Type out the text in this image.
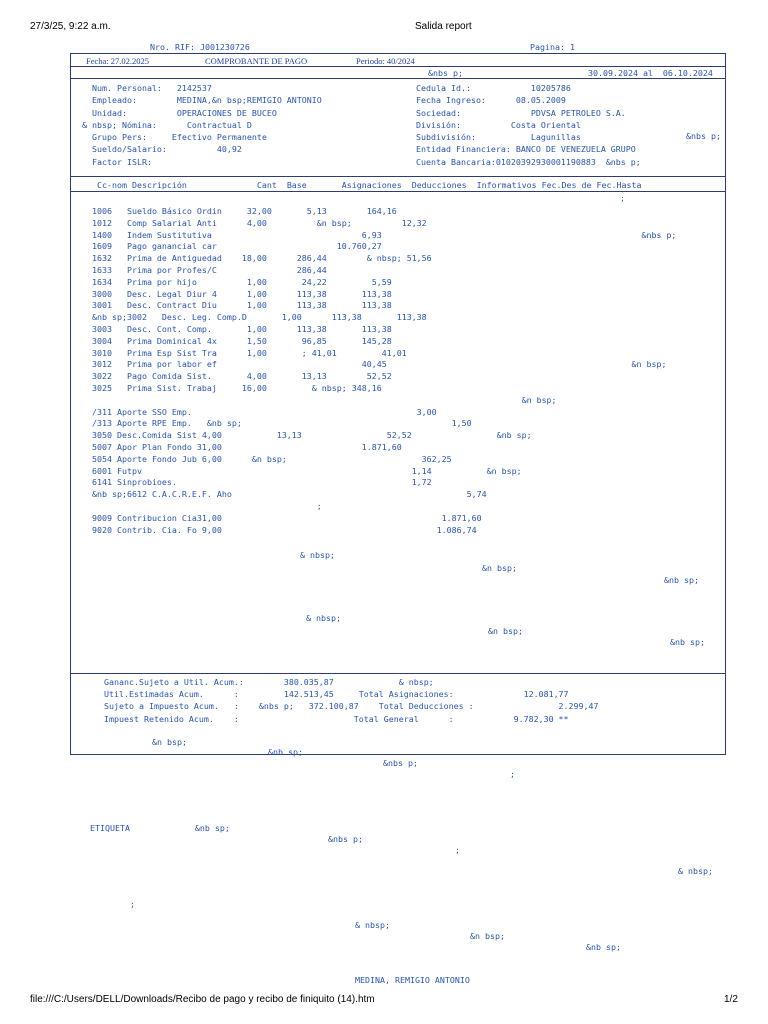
27/3/25, 9:22 a.m.	Salida report
Nro. RIF: J001230726	Pagina: 1
Fecha: 27.02.2025	COMPROBANTE DE PAGO	Periodo: 40/2024
&nbs p;	30.09.2024 al  06.10.2024
Num. Personal:   2142537
Empleado:        MEDINA,&n bsp;REMIGIO ANTONIO
Unidad:          OPERACIONES DE BUCEO
& nbsp; Nómina:      Contractual D
Grupo Pers:     Efectivo Permanente
Sueldo/Salario:          40,92
Factor ISLR:
Cedula Id.:            10205786
Fecha Ingreso:      08.05.2009
Sociedad:              PDVSA PETROLEO S.A.
División:          Costa Oriental
Subdivisión:           Lagunillas
Entidad Financiera: BANCO DE VENEZUELA GRUPO
Cuenta Bancaria:01020392930001190883  &nbs p;
&nbs p;
Cc-nom Descripción              Cant  Base       Asignaciones  Deducciones  Informativos Fec.Des de Fec.Hasta
;
1006   Sueldo Básico Ordin     32,00       5,13        164,16
1012   Comp Salarial Anti      4,00          &n bsp;          12,32
1400   Indem Sustitutiva                              6,93                                                    &nbs p;
1609   Pago ganancial car                        10.760,27
1632   Prima de Antiguedad    18,00      286,44        & nbsp; 51,56
1633   Prima por Profes/C                286,44
1634   Prima por hijo          1,00       24,22         5,59
3000   Desc. Legal Diur 4      1,00      113,38       113,38
3001   Desc. Contract Diu      1,00      113,38       113,38
&nb sp;3002   Desc. Leg. Comp.D       1,00      113,38       113,38
3003   Desc. Cont. Comp.       1,00      113,38       113,38
3004   Prima Dominical 4x      1,50       96,85       145,28
3010   Prima Esp Sist Tra      1,00       ; 41,01         41,01
3012   Prima por labor ef                             40,45                                                 &n bsp;
3022   Pago Comida Sist.       4,00       13,13        52,52
3025   Prima Sist. Trabaj     16,00         & nbsp; 348,16
&n bsp;
/311 Aporte SSO Emp.                                             3,00
/313 Aporte RPE Emp.   &nb sp;                                          1,50
3050 Desc.Comida Sist 4,00           13,13                 52,52                 &nb sp;
5007 Apor Plan Fondo 31,00                            1.871,60
5054 Aporte Fondo Jub 6,00      &n bsp;                           362,25
6001 Futpv                                                      1,14           &n bsp;
6141 Sinprobioes.                                               1,72
&nb sp;6612 C.A.C.R.E.F. Aho                                               5,74
;
9009 Contribucion Cia31,00                                            1.871,60
9020 Contrib. Cia. Fo 9,00                                           1.086,74
& nbsp;
&n bsp;
&nb sp;
& nbsp;
&n bsp;
&nb sp;
Gananc.Sujeto a Util. Acum.:        380.035,87             & nbsp;
Util.Estimadas Acum.      :         142.513,45     Total Asignaciones:              12.081,77
Sujeto a Impuesto Acum.   :    &nbs p;   372.100,87    Total Deducciones :                 2.299,47
Impuest Retenido Acum.    :                       Total General      :            9.782,30 **
&n bsp;
&nb sp;
&nbs p;
;
ETIQUETA             &nb sp;
&nbs p;
;
& nbsp;
;
& nbsp;
&n bsp;
&nb sp;
MEDINA, REMIGIO ANTONIO
file:///C:/Users/DELL/Downloads/Recibo de pago y recibo de finiquito (14).htm	1/2
